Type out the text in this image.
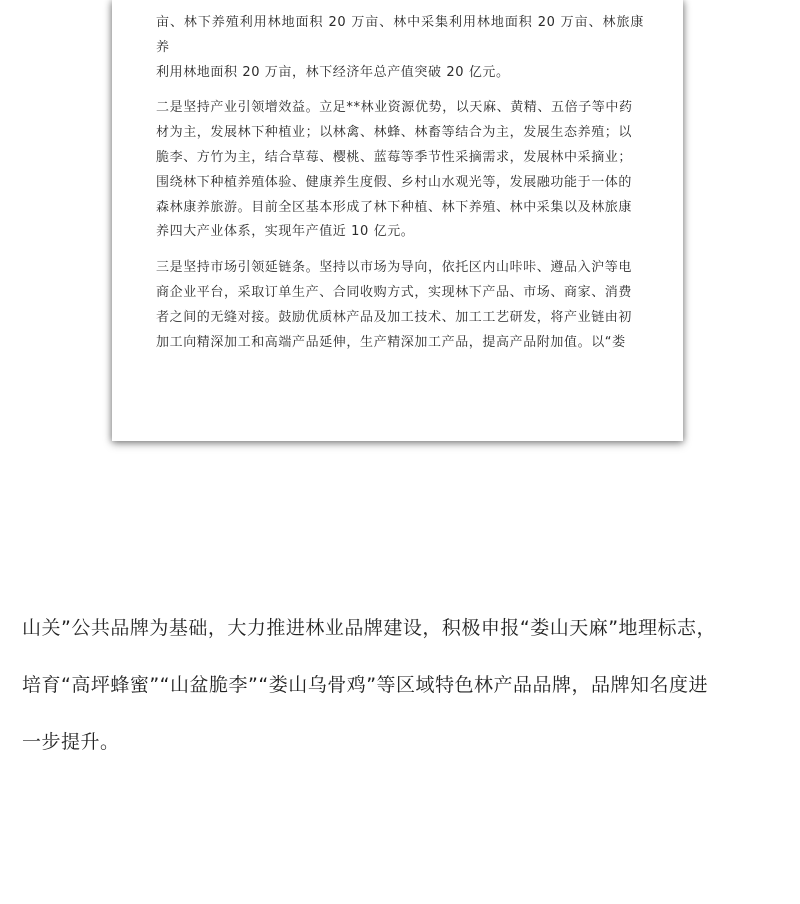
亩、林下养殖利用林地面积 20 万亩、林中采集利用林地面积 20 万亩、林旅康养

利用林地面积 20 万亩，林下经济年总产值突破 20 亿元。

二是坚持产业引领增效益。立足**林业资源优势，以天麻、黄精、五倍子等中药

材为主，发展林下种植业；以林禽、林蜂、林畜等结合为主，发展生态养殖；以

脆李、方竹为主，结合草莓、樱桃、蓝莓等季节性采摘需求，发展林中采摘业；

围绕林下种植养殖体验、健康养生度假、乡村山水观光等，发展融功能于一体的

森林康养旅游。目前全区基本形成了林下种植、林下养殖、林中采集以及林旅康

养四大产业体系，实现年产值近 10 亿元。

三是坚持市场引领延链条。坚持以市场为导向，依托区内山咔咔、遵品入沪等电

商企业平台，采取订单生产、合同收购方式，实现林下产品、市场、商家、消费

者之间的无缝对接。鼓励优质林产品及加工技术、加工工艺研发，将产业链由初

加工向精深加工和高端产品延伸，生产精深加工产品，提高产品附加值。以“娄

山关”公共品牌为基础，大力推进林业品牌建设，积极申报“娄山天麻”地理标志，

培育“高坪蜂蜜”“山盆脆李”“娄山乌骨鸡”等区域特色林产品品牌，品牌知名度进

一步提升。
